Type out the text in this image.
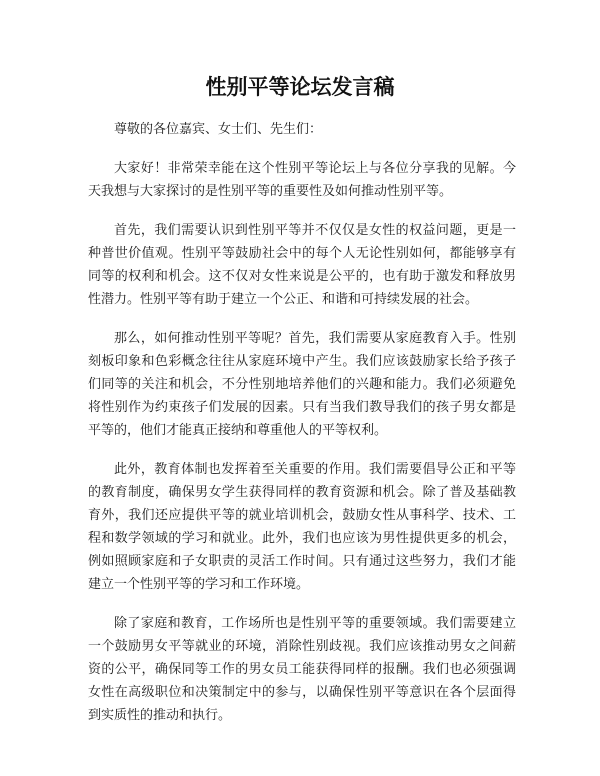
性别平等论坛发言稿

尊敬的各位嘉宾、女士们、先生们：

大家好！非常荣幸能在这个性别平等论坛上与各位分享我的见解。今天我想与大家探讨的是性别平等的重要性及如何推动性别平等。

首先，我们需要认识到性别平等并不仅仅是女性的权益问题，更是一种普世价值观。性别平等鼓励社会中的每个人无论性别如何，都能够享有同等的权利和机会。这不仅对女性来说是公平的，也有助于激发和释放男性潜力。性别平等有助于建立一个公正、和谐和可持续发展的社会。

那么，如何推动性别平等呢？首先，我们需要从家庭教育入手。性别刻板印象和色彩概念往往从家庭环境中产生。我们应该鼓励家长给予孩子们同等的关注和机会，不分性别地培养他们的兴趣和能力。我们必须避免将性别作为约束孩子们发展的因素。只有当我们教导我们的孩子男女都是平等的，他们才能真正接纳和尊重他人的平等权利。

此外，教育体制也发挥着至关重要的作用。我们需要倡导公正和平等的教育制度，确保男女学生获得同样的教育资源和机会。除了普及基础教育外，我们还应提供平等的就业培训机会，鼓励女性从事科学、技术、工程和数学领域的学习和就业。此外，我们也应该为男性提供更多的机会，例如照顾家庭和子女职责的灵活工作时间。只有通过这些努力，我们才能建立一个性别平等的学习和工作环境。

除了家庭和教育，工作场所也是性别平等的重要领域。我们需要建立一个鼓励男女平等就业的环境，消除性别歧视。我们应该推动男女之间薪资的公平，确保同等工作的男女员工能获得同样的报酬。我们也必须强调女性在高级职位和决策制定中的参与，以确保性别平等意识在各个层面得到实质性的推动和执行。
